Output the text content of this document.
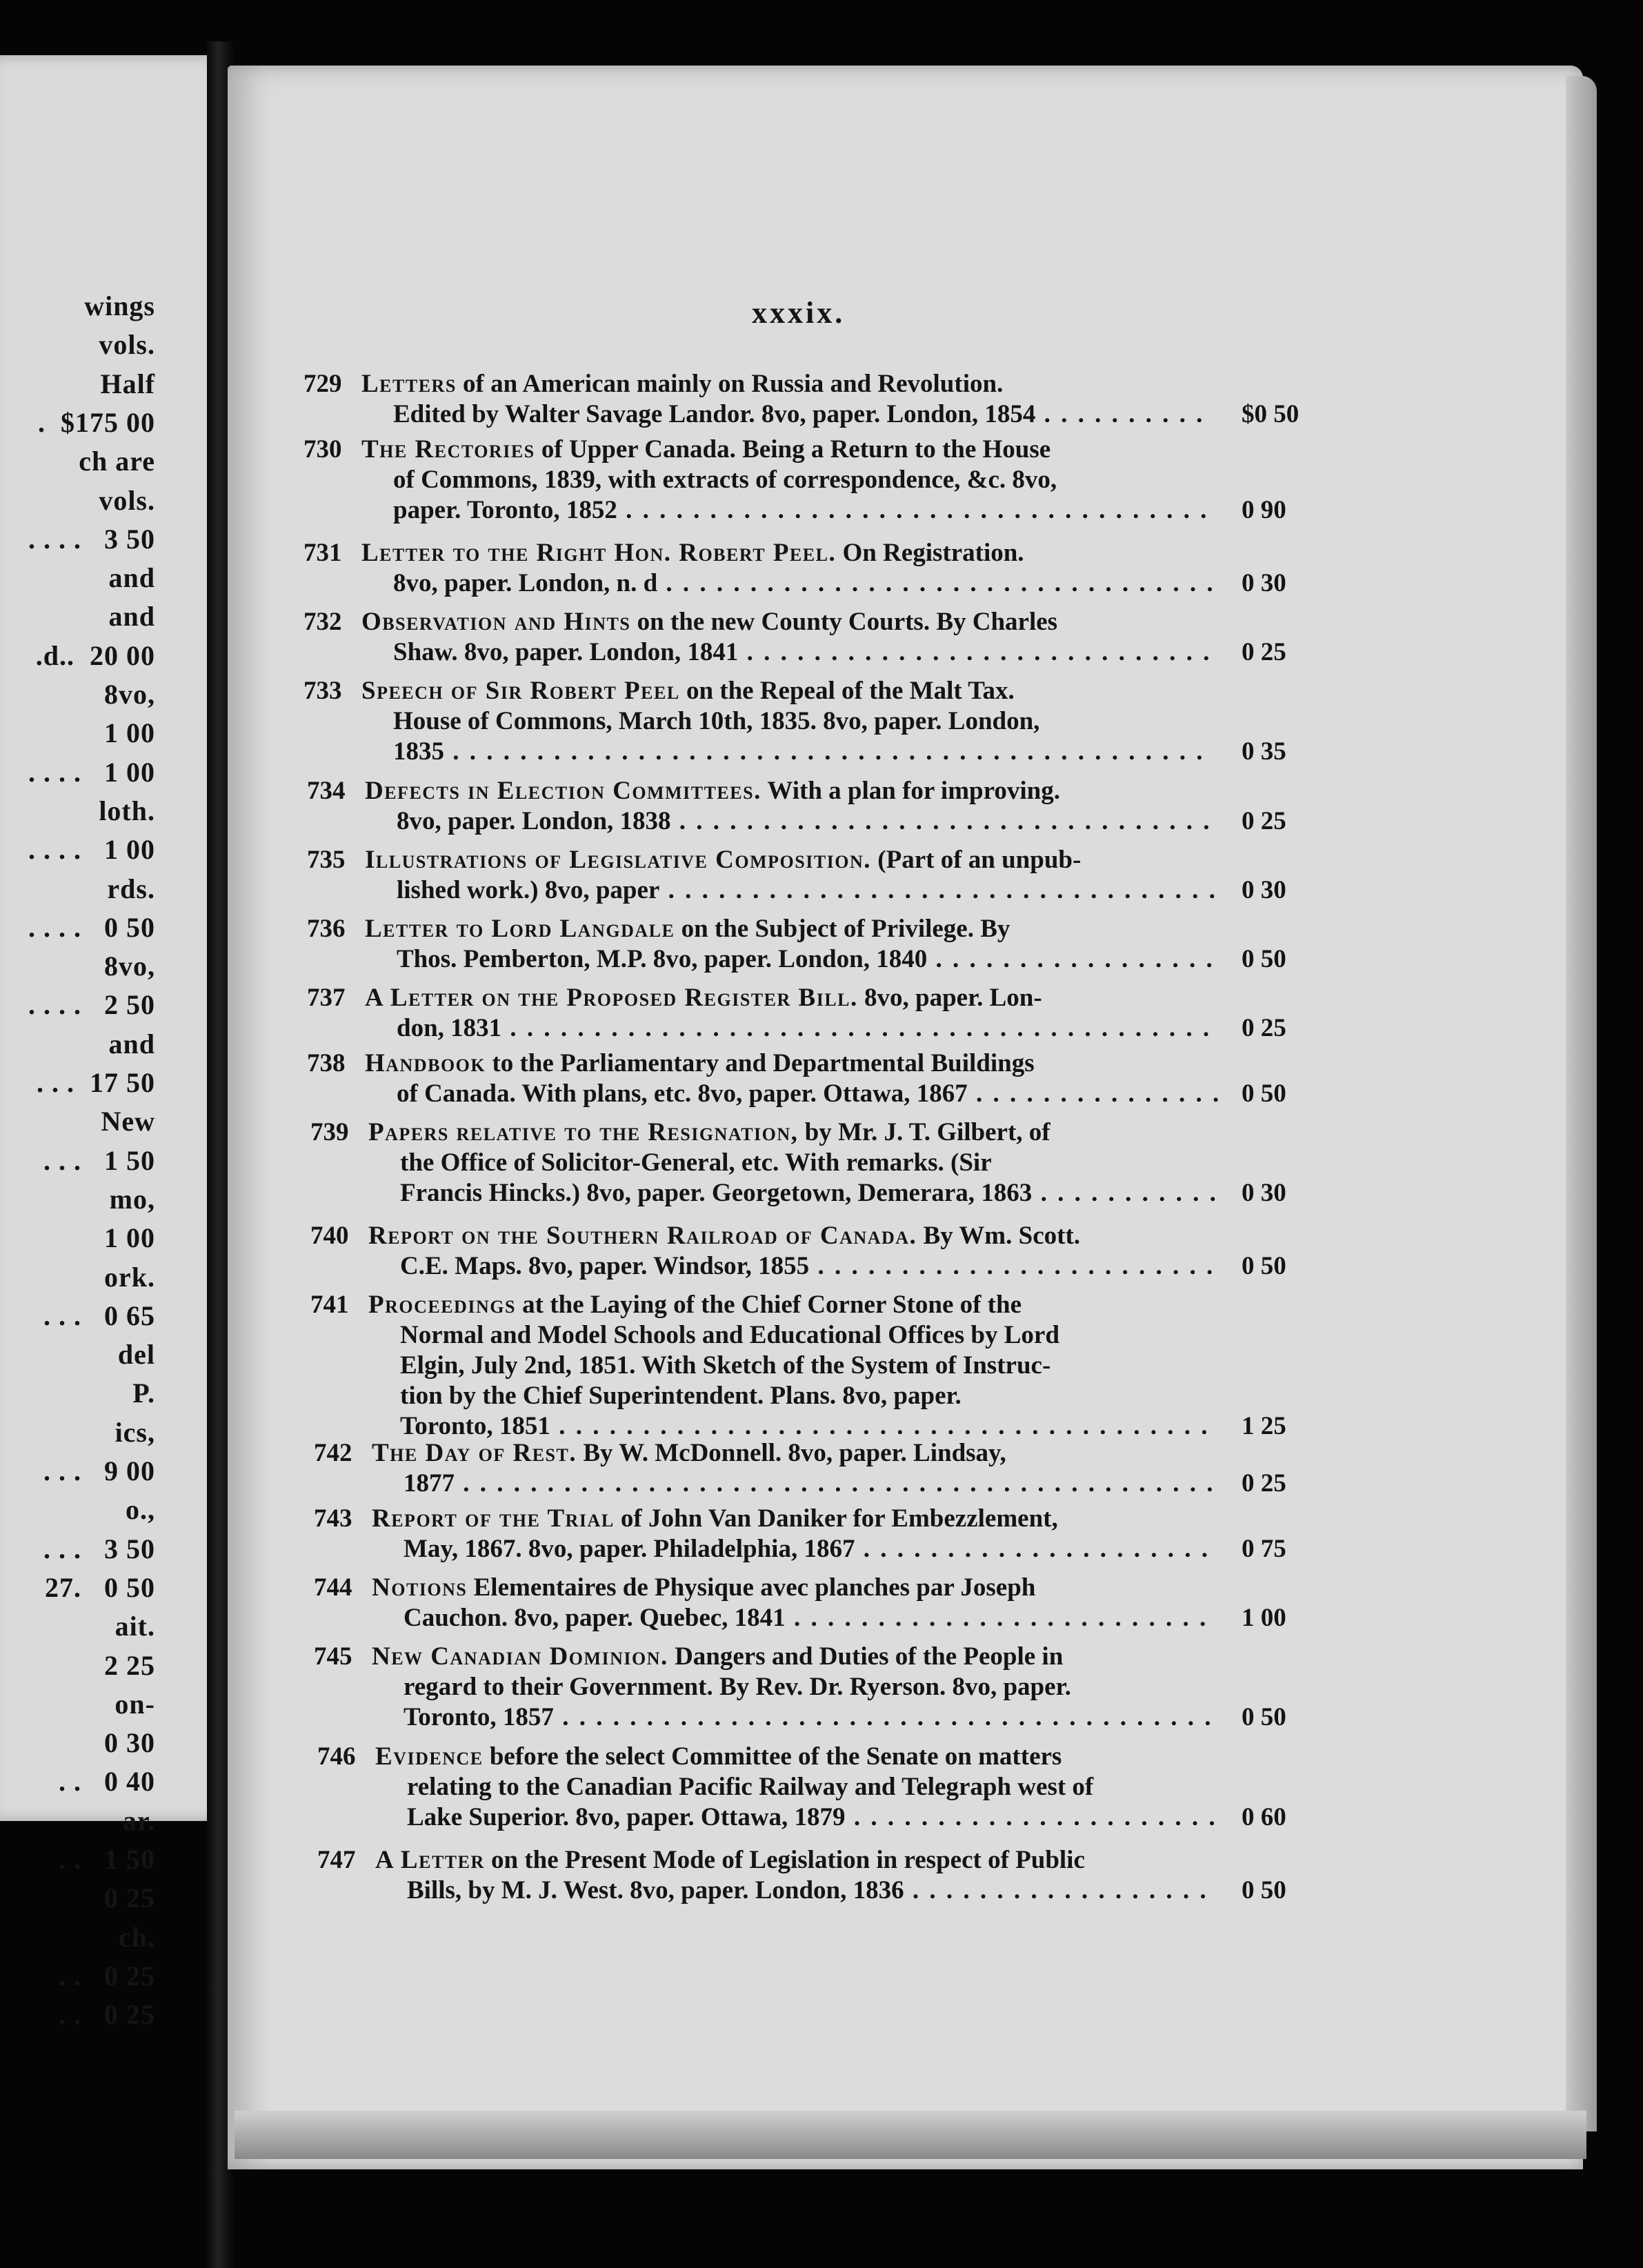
wings
vols.
Half
.  $175 00
ch are
vols.
. . . .   3 50
and
and
.d..  20 00
8vo,
1 00
. . . .   1 00
loth.
. . . .   1 00
rds.
. . . .   0 50
8vo,
. . . .   2 50
and
. . .  17 50
New
. . .   1 50
mo,
1 00
ork.
. . .   0 65
del
P.
ics,
. . .   9 00
o.,
. . .   3 50
27.   0 50
ait.
2 25
on-
0 30
. .   0 40
ar.
. .   1 50
0 25
ch.
. .   0 25
. .   0 25
xxxix.
729 Letters of an American mainly on Russia and Revolution.
Edited by Walter Savage Landor. 8vo, paper. London, 1854 . . . . . . . . . . $0 50
730 The Rectories of Upper Canada. Being a Return to the House
of Commons, 1839, with extracts of correspondence, &c. 8vo,
paper. Toronto, 1852 . . . . . . . . . . . . . . . . . . . . . . . . . . . . . . . . . . . 0 90
731 Letter to the Right Hon. Robert Peel. On Registration.
8vo, paper. London, n. d . . . . . . . . . . . . . . . . . . . . . . . . . . . . . . . . . 0 30
732 Observation and Hints on the new County Courts. By Charles
Shaw. 8vo, paper. London, 1841 . . . . . . . . . . . . . . . . . . . . . . . . . . . . 0 25
733 Speech of Sir Robert Peel on the Repeal of the Malt Tax.
House of Commons, March 10th, 1835. 8vo, paper. London,
1835 . . . . . . . . . . . . . . . . . . . . . . . . . . . . . . . . . . . . . . . . . . . . . 0 35
734 Defects in Election Committees. With a plan for improving.
8vo, paper. London, 1838 . . . . . . . . . . . . . . . . . . . . . . . . . . . . . . . . 0 25
735 Illustrations of Legislative Composition. (Part of an unpub-
lished work.) 8vo, paper . . . . . . . . . . . . . . . . . . . . . . . . . . . . . . . . . 0 30
736 Letter to Lord Langdale on the Subject of Privilege. By
Thos. Pemberton, M.P. 8vo, paper. London, 1840 . . . . . . . . . . . . . . . . . 0 50
737 A Letter on the Proposed Register Bill. 8vo, paper. Lon-
don, 1831 . . . . . . . . . . . . . . . . . . . . . . . . . . . . . . . . . . . . . . . . . . 0 25
738 Handbook to the Parliamentary and Departmental Buildings
of Canada. With plans, etc. 8vo, paper. Ottawa, 1867 . . . . . . . . . . . . . . . 0 50
739 Papers relative to the Resignation, by Mr. J. T. Gilbert, of
the Office of Solicitor-General, etc. With remarks. (Sir
Francis Hincks.) 8vo, paper. Georgetown, Demerara, 1863 . . . . . . . . . . . 0 30
740 Report on the Southern Railroad of Canada. By Wm. Scott.
C.E. Maps. 8vo, paper. Windsor, 1855 . . . . . . . . . . . . . . . . . . . . . . . . 0 50
741 Proceedings at the Laying of the Chief Corner Stone of the
Normal and Model Schools and Educational Offices by Lord
Elgin, July 2nd, 1851. With Sketch of the System of Instruc-
tion by the Chief Superintendent. Plans. 8vo, paper.
Toronto, 1851 . . . . . . . . . . . . . . . . . . . . . . . . . . . . . . . . . . . . . . . 1 25
742 The Day of Rest. By W. McDonnell. 8vo, paper. Lindsay,
1877 . . . . . . . . . . . . . . . . . . . . . . . . . . . . . . . . . . . . . . . . . . . . . 0 25
743 Report of the Trial of John Van Daniker for Embezzlement,
May, 1867. 8vo, paper. Philadelphia, 1867 . . . . . . . . . . . . . . . . . . . . . 0 75
744 Notions Elementaires de Physique avec planches par Joseph
Cauchon. 8vo, paper. Quebec, 1841 . . . . . . . . . . . . . . . . . . . . . . . . . 1 00
745 New Canadian Dominion. Dangers and Duties of the People in
regard to their Government. By Rev. Dr. Ryerson. 8vo, paper.
Toronto, 1857 . . . . . . . . . . . . . . . . . . . . . . . . . . . . . . . . . . . . . . . 0 50
746 Evidence before the select Committee of the Senate on matters
relating to the Canadian Pacific Railway and Telegraph west of
Lake Superior. 8vo, paper. Ottawa, 1879 . . . . . . . . . . . . . . . . . . . . . . 0 60
747 A Letter on the Present Mode of Legislation in respect of Public
Bills, by M. J. West. 8vo, paper. London, 1836 . . . . . . . . . . . . . . . . . . 0 50
